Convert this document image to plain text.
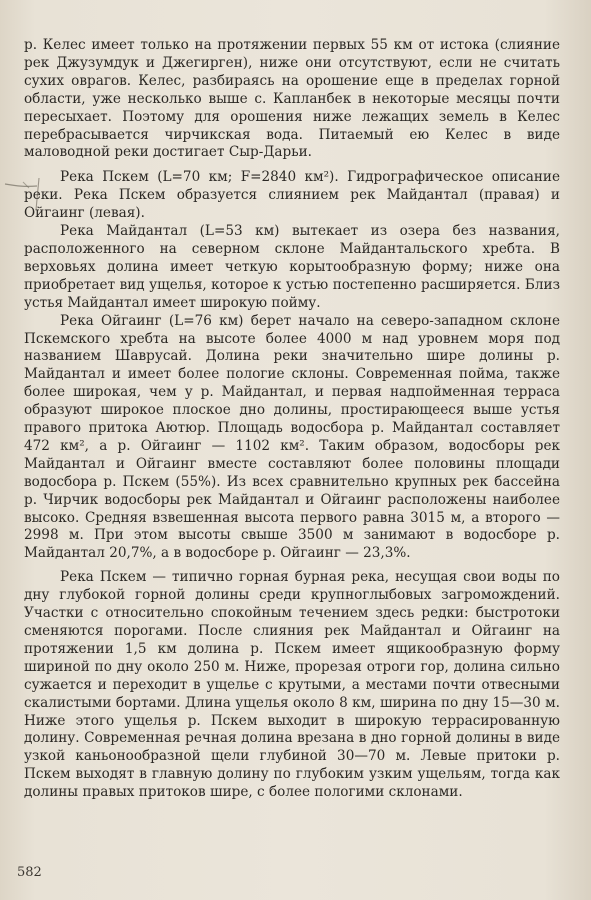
р. Келес имеет только на протяжении первых 55 км от истока (слияние рек Джузумдук и Джегирген), ниже они отсутствуют, если не считать сухих оврагов. Келес, разбираясь на орошение еще в пределах горной области, уже несколько выше с. Капланбек в некоторые месяцы почти пересыхает. Поэтому для орошения ниже лежащих земель в Келес перебрасывается чирчикская вода. Питаемый ею Келес в виде маловодной реки достигает Сыр-Дарьи.

Река Пскем (L=70 км; F=2840 км²). Гидрографическое описание реки. Река Пскем образуется слиянием рек Майдантал (правая) и Ойгаинг (левая).

Река Майдантал (L=53 км) вытекает из озера без названия, расположенного на северном склоне Майдантальского хребта. В верховьях долина имеет четкую корытообразную форму; ниже она приобретает вид ущелья, которое к устью постепенно расширяется. Близ устья Майдантал имеет широкую пойму.

Река Ойгаинг (L=76 км) берет начало на северо-западном склоне Пскемского хребта на высоте более 4000 м над уровнем моря под названием Шаврусай. Долина реки значительно шире долины р. Майдантал и имеет более пологие склоны. Современная пойма, также более широкая, чем у р. Майдантал, и первая надпойменная терраса образуют широкое плоское дно долины, простирающееся выше устья правого притока Аютюр. Площадь водосбора р. Майдантал составляет 472 км², а р. Ойгаинг — 1102 км². Таким образом, водосборы рек Майдантал и Ойгаинг вместе составляют более половины площади водосбора р. Пскем (55%). Из всех сравнительно крупных рек бассейна р. Чирчик водосборы рек Майдантал и Ойгаинг расположены наиболее высоко. Средняя взвешенная высота первого равна 3015 м, а второго — 2998 м. При этом высоты свыше 3500 м занимают в водосборе р. Майдантал 20,7%, а в водосборе р. Ойгаинг — 23,3%.

Река Пскем — типично горная бурная река, несущая свои воды по дну глубокой горной долины среди крупноглыбовых загромождений. Участки с относительно спокойным течением здесь редки: быстротоки сменяются порогами. После слияния рек Майдантал и Ойгаинг на протяжении 1,5 км долина р. Пскем имеет ящикообразную форму шириной по дну около 250 м. Ниже, прорезая отроги гор, долина сильно сужается и переходит в ущелье с крутыми, а местами почти отвесными скалистыми бортами. Длина ущелья около 8 км, ширина по дну 15—30 м. Ниже этого ущелья р. Пскем выходит в широкую террасированную долину. Современная речная долина врезана в дно горной долины в виде узкой каньонообразной щели глубиной 30—70 м. Левые притоки р. Пскем выходят в главную долину по глубоким узким ущельям, тогда как долины правых притоков шире, с более пологими склонами.

582
